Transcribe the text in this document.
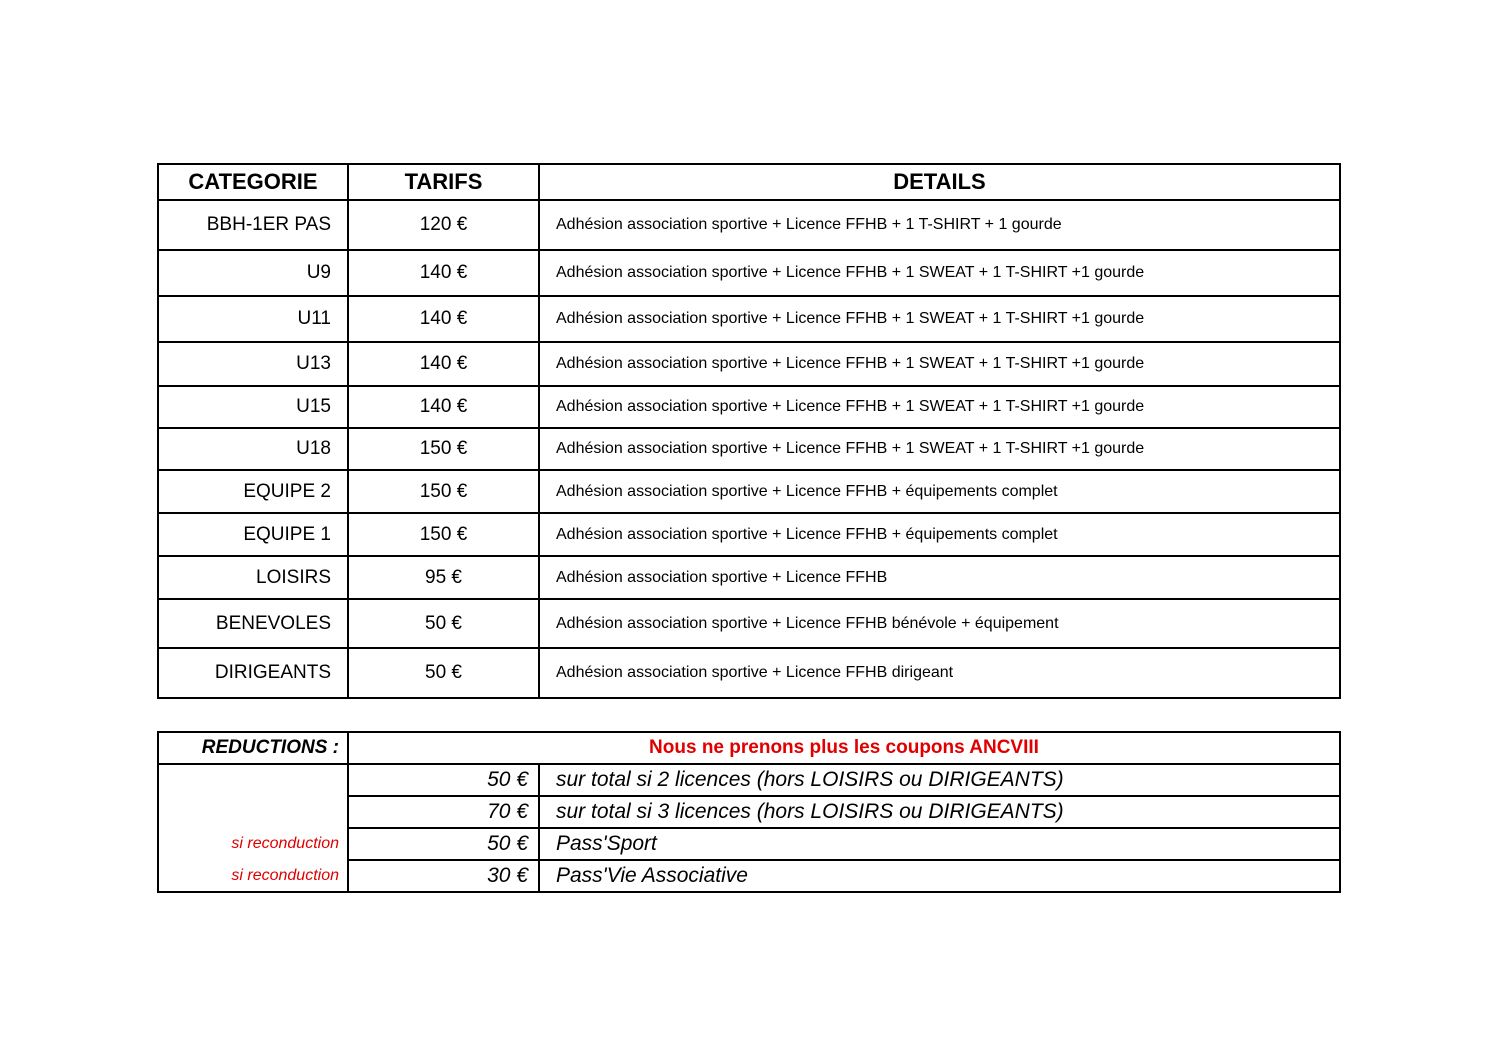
CATEGORIE	TARIFS	DETAILS
BBH-1ER PAS	120 €	Adhésion association sportive + Licence FFHB + 1 T-SHIRT + 1 gourde
U9	140 €	Adhésion association sportive + Licence FFHB + 1 SWEAT + 1 T-SHIRT +1 gourde
U11	140 €	Adhésion association sportive + Licence FFHB + 1 SWEAT + 1 T-SHIRT +1 gourde
U13	140 €	Adhésion association sportive + Licence FFHB + 1 SWEAT + 1 T-SHIRT +1 gourde
U15	140 €	Adhésion association sportive + Licence FFHB + 1 SWEAT + 1 T-SHIRT +1 gourde
U18	150 €	Adhésion association sportive + Licence FFHB + 1 SWEAT + 1 T-SHIRT +1 gourde
EQUIPE 2	150 €	Adhésion association sportive + Licence FFHB + équipements complet
EQUIPE 1	150 €	Adhésion association sportive + Licence FFHB + équipements complet
LOISIRS	95 €	Adhésion association sportive + Licence FFHB
BENEVOLES	50 €	Adhésion association sportive + Licence FFHB bénévole + équipement
DIRIGEANTS	50 €	Adhésion association sportive + Licence FFHB dirigeant
REDUCTIONS :	Nous ne prenons plus les coupons ANCVIII	
	50 €	sur total si 2 licences (hors LOISIRS ou DIRIGEANTS)
	70 €	sur total si 3 licences (hors LOISIRS ou DIRIGEANTS)
si reconduction	50 €	Pass'Sport
si reconduction	30 €	Pass'Vie Associative
